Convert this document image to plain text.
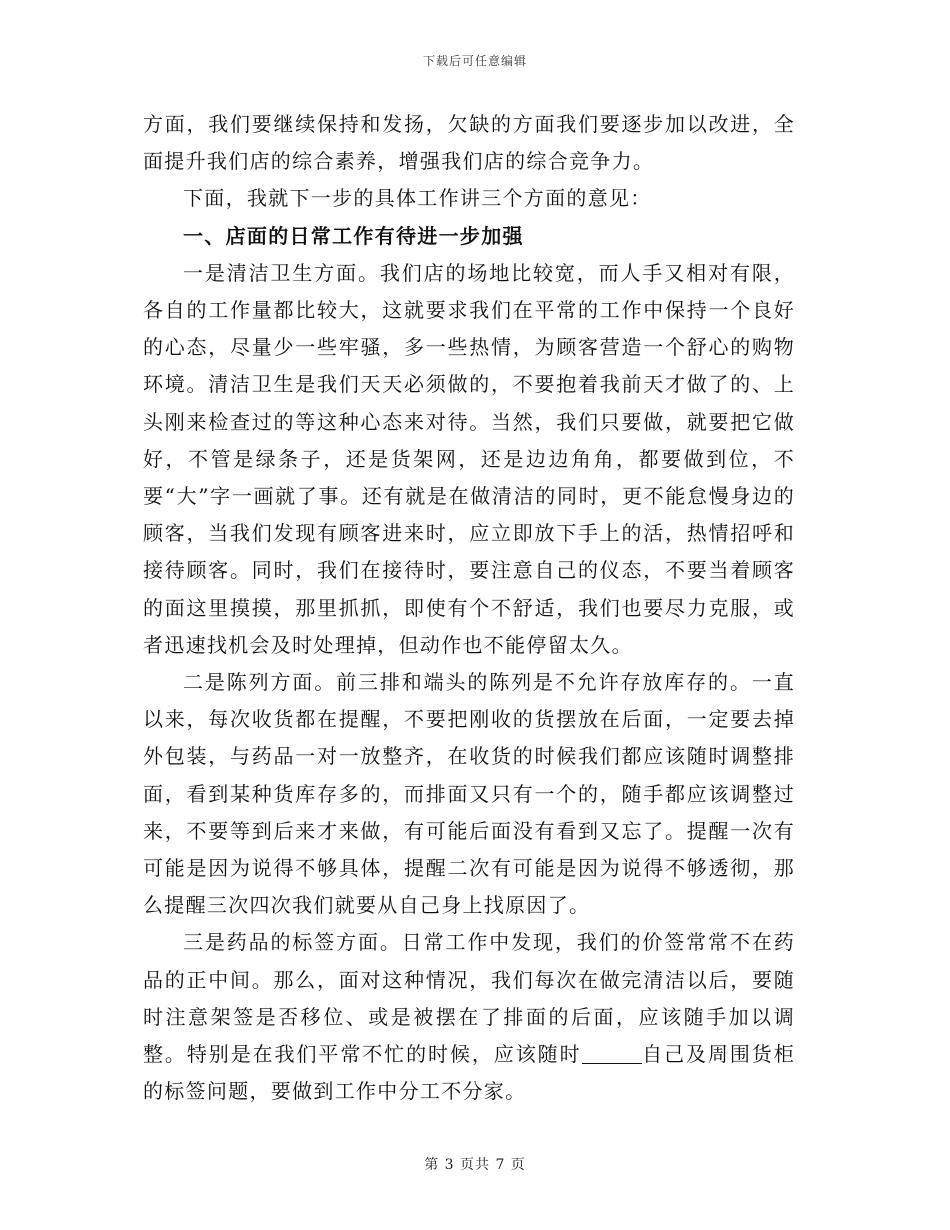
下载后可任意编辑

方面，我们要继续保持和发扬，欠缺的方面我们要逐步加以改进，全面提升我们店的综合素养，增强我们店的综合竞争力。

下面，我就下一步的具体工作讲三个方面的意见：

一、店面的日常工作有待进一步加强

一是清洁卫生方面。我们店的场地比较宽，而人手又相对有限，各自的工作量都比较大，这就要求我们在平常的工作中保持一个良好的心态，尽量少一些牢骚，多一些热情，为顾客营造一个舒心的购物环境。清洁卫生是我们天天必须做的，不要抱着我前天才做了的、上头刚来检查过的等这种心态来对待。当然，我们只要做，就要把它做好，不管是绿条子，还是货架网，还是边边角角，都要做到位，不要“大”字一画就了事。还有就是在做清洁的同时，更不能怠慢身边的顾客，当我们发现有顾客进来时，应立即放下手上的活，热情招呼和接待顾客。同时，我们在接待时，要注意自己的仪态，不要当着顾客的面这里摸摸，那里抓抓，即使有个不舒适，我们也要尽力克服，或者迅速找机会及时处理掉，但动作也不能停留太久。

二是陈列方面。前三排和端头的陈列是不允许存放库存的。一直以来，每次收货都在提醒，不要把刚收的货摆放在后面，一定要去掉外包装，与药品一对一放整齐，在收货的时候我们都应该随时调整排面，看到某种货库存多的，而排面又只有一个的，随手都应该调整过来，不要等到后来才来做，有可能后面没有看到又忘了。提醒一次有可能是因为说得不够具体，提醒二次有可能是因为说得不够透彻，那么提醒三次四次我们就要从自己身上找原因了。

三是药品的标签方面。日常工作中发现，我们的价签常常不在药品的正中间。那么，面对这种情况，我们每次在做完清洁以后，要随时注意架签是否移位、或是被摆在了排面的后面，应该随手加以调整。特别是在我们平常不忙的时候，应该随时	自己及周围货柜的标签问题，要做到工作中分工不分家。

第 3 页共 7 页
